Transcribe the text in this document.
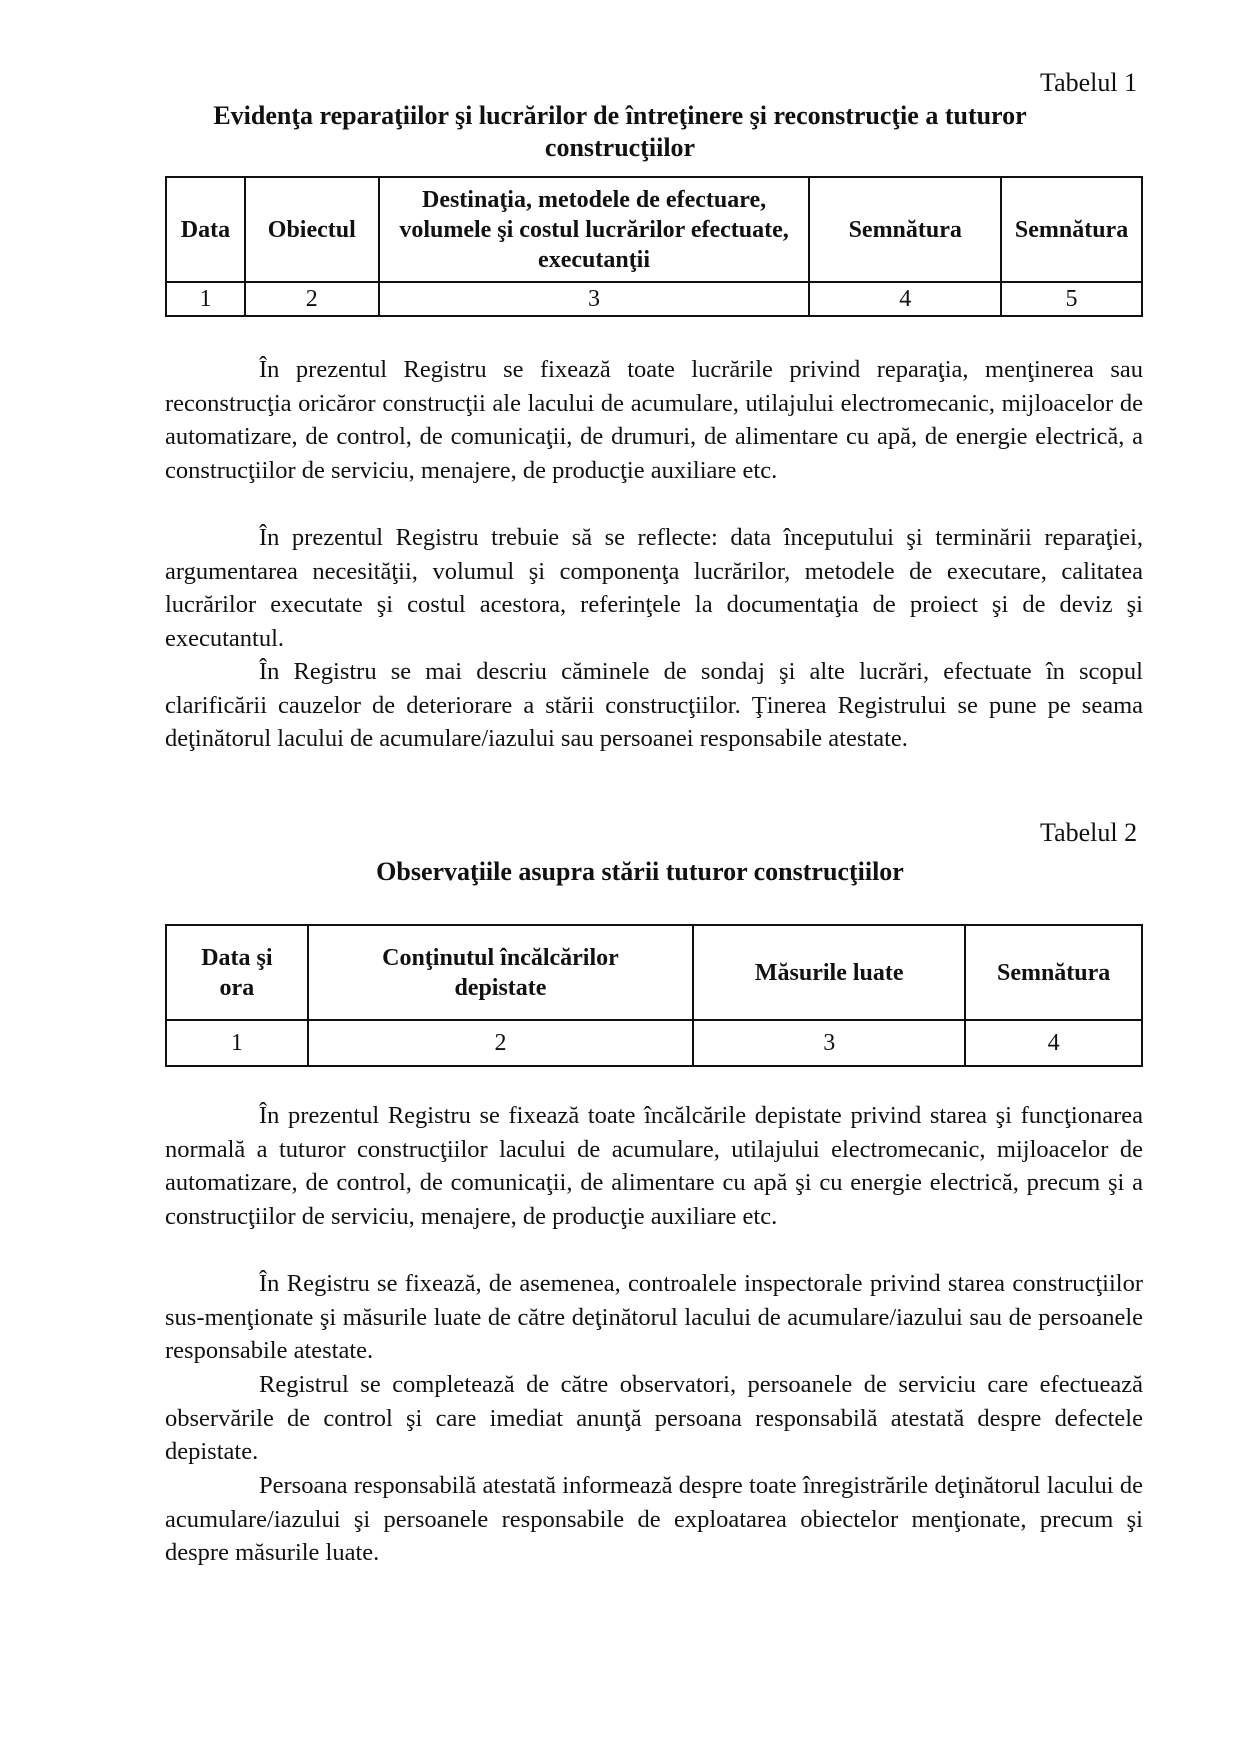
Tabelul 1
Evidenţa reparaţiilor şi lucrărilor de întreţinere şi reconstrucţie a tuturor
construcţiilor
Data	Obiectul	Destinaţia, metodele de efectuare, volumele şi costul lucrărilor efectuate, executanţii	Semnătura	Semnătura
1	2	3	4	5

În prezentul Registru se fixează toate lucrările privind reparaţia, menţinerea sau reconstrucţia oricăror construcţii ale lacului de acumulare, utilajului electromecanic, mijloacelor de automatizare, de control, de comunicaţii, de drumuri, de alimentare cu apă, de energie electrică, a construcţiilor de serviciu, menajere, de producţie auxiliare etc.

În prezentul Registru trebuie să se reflecte: data începutului şi terminării reparaţiei, argumentarea necesităţii, volumul şi componenţa lucrărilor, metodele de executare, calitatea lucrărilor executate şi costul acestora, referinţele la documentaţia de proiect şi de deviz şi executantul.

În Registru se mai descriu căminele de sondaj şi alte lucrări, efectuate în scopul clarificării cauzelor de deteriorare a stării construcţiilor. Ţinerea Registrului se pune pe seama deţinătorul lacului de acumulare/iazului sau persoanei responsabile atestate.

Tabelul 2
Observaţiile asupra stării tuturor construcţiilor
Data şi ora	Conţinutul încălcărilor depistate	Măsurile luate	Semnătura
1	2	3	4

În prezentul Registru se fixează toate încălcările depistate privind starea şi funcţionarea normală a tuturor construcţiilor lacului de acumulare, utilajului electromecanic, mijloacelor de automatizare, de control, de comunicaţii, de alimentare cu apă şi cu energie electrică, precum şi a construcţiilor de serviciu, menajere, de producţie auxiliare etc.

În Registru se fixează, de asemenea, controalele inspectorale privind starea construcţiilor sus-menţionate şi măsurile luate de către deţinătorul lacului de acumulare/iazului sau de persoanele responsabile atestate.

Registrul se completează de către observatori, persoanele de serviciu care efectuează observările de control şi care imediat anunţă persoana responsabilă atestată despre defectele depistate.

Persoana responsabilă atestată informează despre toate înregistrările deţinătorul lacului de acumulare/iazului şi persoanele responsabile de exploatarea obiectelor menţionate, precum şi despre măsurile luate.
